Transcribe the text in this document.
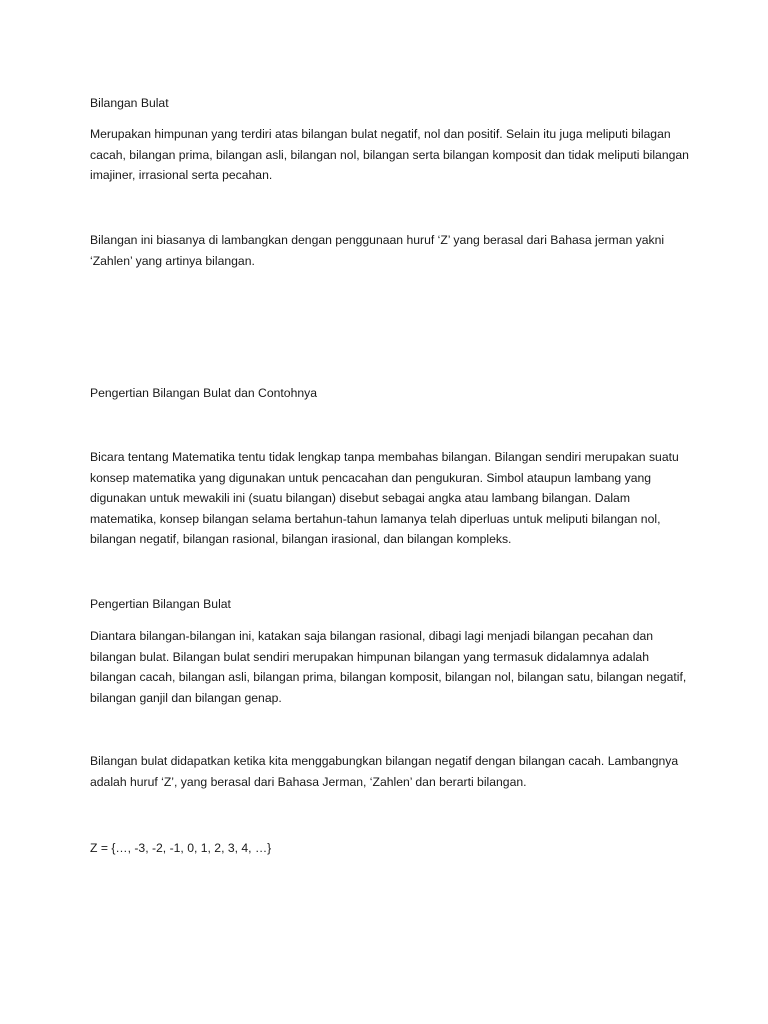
Bilangan Bulat

Merupakan himpunan yang terdiri atas bilangan bulat negatif, nol dan positif. Selain itu juga meliputi bilagan cacah, bilangan prima, bilangan asli, bilangan nol, bilangan serta bilangan komposit dan tidak meliputi bilangan imajiner, irrasional serta pecahan.

Bilangan ini biasanya di lambangkan dengan penggunaan huruf ‘Z’ yang berasal dari Bahasa jerman yakni ‘Zahlen’ yang artinya bilangan.

Pengertian Bilangan Bulat dan Contohnya

Bicara tentang Matematika tentu tidak lengkap tanpa membahas bilangan. Bilangan sendiri merupakan suatu konsep matematika yang digunakan untuk pencacahan dan pengukuran. Simbol ataupun lambang yang digunakan untuk mewakili ini (suatu bilangan) disebut sebagai angka atau lambang bilangan. Dalam matematika, konsep bilangan selama bertahun-tahun lamanya telah diperluas untuk meliputi bilangan nol, bilangan negatif, bilangan rasional, bilangan irasional, dan bilangan kompleks.

Pengertian Bilangan Bulat

Diantara bilangan-bilangan ini, katakan saja bilangan rasional, dibagi lagi menjadi bilangan pecahan dan bilangan bulat. Bilangan bulat sendiri merupakan himpunan bilangan yang termasuk didalamnya adalah bilangan cacah, bilangan asli, bilangan prima, bilangan komposit, bilangan nol, bilangan satu, bilangan negatif, bilangan ganjil dan bilangan genap.

Bilangan bulat didapatkan ketika kita menggabungkan bilangan negatif dengan bilangan cacah. Lambangnya adalah huruf ‘Z’, yang berasal dari Bahasa Jerman, ‘Zahlen’ dan berarti bilangan.

Z = {…, -3, -2, -1, 0, 1, 2, 3, 4, …}
